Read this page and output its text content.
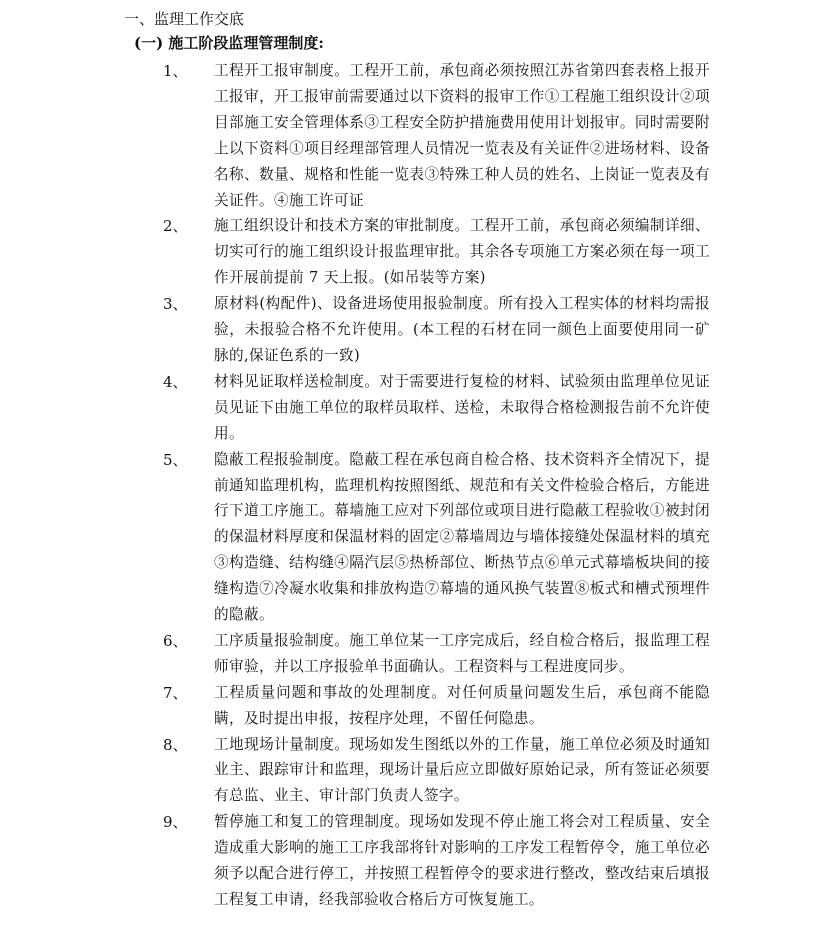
一、监理工作交底
(一) 施工阶段监理管理制度:
1、 工程开工报审制度。工程开工前，承包商必须按照江苏省第四套表格上报开工报审，开工报审前需要通过以下资料的报审工作①工程施工组织设计②项目部施工安全管理体系③工程安全防护措施费用使用计划报审。同时需要附上以下资料①项目经理部管理人员情况一览表及有关证件②进场材料、设备名称、数量、规格和性能一览表③特殊工种人员的姓名、上岗证一览表及有关证件。④施工许可证
2、 施工组织设计和技术方案的审批制度。工程开工前，承包商必须编制详细、切实可行的施工组织设计报监理审批。其余各专项施工方案必须在每一项工作开展前提前 7 天上报。(如吊装等方案)
3、 原材料(构配件)、设备进场使用报验制度。所有投入工程实体的材料均需报验，未报验合格不允许使用。(本工程的石材在同一颜色上面要使用同一矿脉的,保证色系的一致)
4、 材料见证取样送检制度。对于需要进行复检的材料、试验须由监理单位见证员见证下由施工单位的取样员取样、送检，未取得合格检测报告前不允许使用。
5、 隐蔽工程报验制度。隐蔽工程在承包商自检合格、技术资料齐全情况下，提前通知监理机构，监理机构按照图纸、规范和有关文件检验合格后，方能进行下道工序施工。幕墙施工应对下列部位或项目进行隐蔽工程验收①被封闭的保温材料厚度和保温材料的固定②幕墙周边与墙体接缝处保温材料的填充③构造缝、结构缝④隔汽层⑤热桥部位、断热节点⑥单元式幕墙板块间的接缝构造⑦冷凝水收集和排放构造⑦幕墙的通风换气装置⑧板式和槽式预埋件的隐蔽。
6、 工序质量报验制度。施工单位某一工序完成后，经自检合格后，报监理工程师审验，并以工序报验单书面确认。工程资料与工程进度同步。
7、 工程质量问题和事故的处理制度。对任何质量问题发生后，承包商不能隐瞒，及时提出申报，按程序处理，不留任何隐患。
8、 工地现场计量制度。现场如发生图纸以外的工作量，施工单位必须及时通知业主、跟踪审计和监理，现场计量后应立即做好原始记录，所有签证必须要有总监、业主、审计部门负责人签字。
9、 暂停施工和复工的管理制度。现场如发现不停止施工将会对工程质量、安全造成重大影响的施工工序我部将针对影响的工序发工程暂停令，施工单位必须予以配合进行停工，并按照工程暂停令的要求进行整改，整改结束后填报工程复工申请，经我部验收合格后方可恢复施工。
